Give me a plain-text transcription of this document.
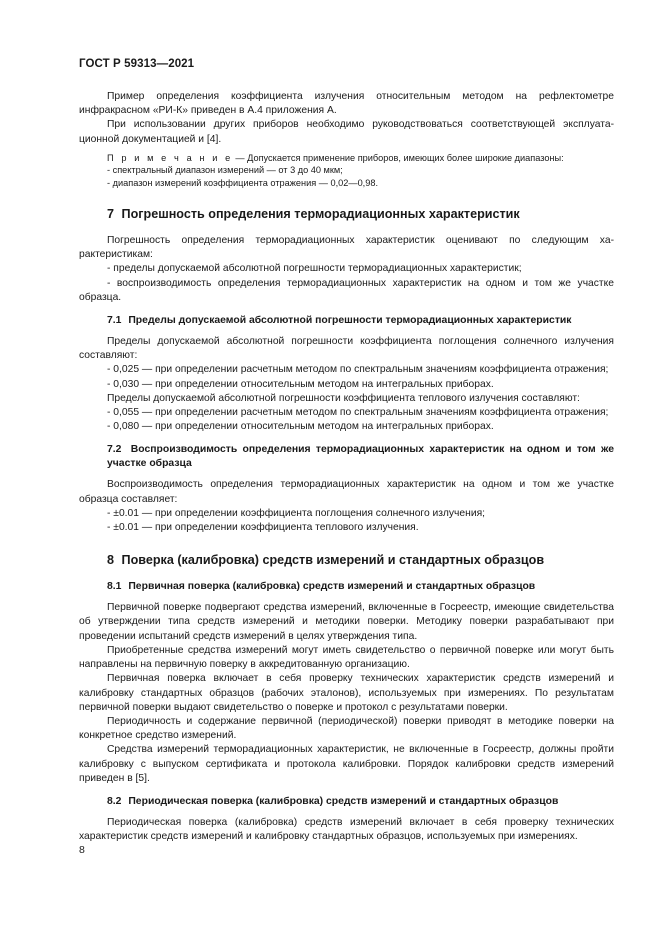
ГОСТ Р 59313—2021

Пример определения коэффициента излучения относительным методом на рефлектометре инфракрасном «РИ-К» приведен в А.4 приложения А.

При использовании других приборов необходимо руководствоваться соответствующей эксплуатационной документацией и [4].

П р и м е ч а н и е — Допускается применение приборов, имеющих более широкие диапазоны:
- спектральный диапазон измерений — от 3 до 40 мкм;
- диапазон измерений коэффициента отражения — 0,02—0,98.
7 Погрешность определения терморадиационных характеристик

Погрешность определения терморадиационных характеристик оценивают по следующим характеристикам:

- пределы допускаемой абсолютной погрешности терморадиационных характеристик;

- воспроизводимость определения терморадиационных характеристик на одном и том же участке образца.

7.1 Пределы допускаемой абсолютной погрешности терморадиационных характеристик

Пределы допускаемой абсолютной погрешности коэффициента поглощения солнечного излучения составляют:

- 0,025 — при определении расчетным методом по спектральным значениям коэффициента отражения;

- 0,030 — при определении относительным методом на интегральных приборах.

Пределы допускаемой абсолютной погрешности коэффициента теплового излучения составляют:

- 0,055 — при определении расчетным методом по спектральным значениям коэффициента отражения;

- 0,080 — при определении относительным методом на интегральных приборах.

7.2 Воспроизводимость определения терморадиационных характеристик на одном и том же участке образца

Воспроизводимость определения терморадиационных характеристик на одном и том же участке образца составляет:

- ±0.01 — при определении коэффициента поглощения солнечного излучения;

- ±0.01 — при определении коэффициента теплового излучения.

8 Поверка (калибровка) средств измерений и стандартных образцов
8.1 Первичная поверка (калибровка) средств измерений и стандартных образцов

Первичной поверке подвергают средства измерений, включенные в Госреестр, имеющие свидетельства об утверждении типа средств измерений и методики поверки. Методику поверки разрабатывают при проведении испытаний средств измерений в целях утверждения типа.

Приобретенные средства измерений могут иметь свидетельство о первичной поверке или могут быть направлены на первичную поверку в аккредитованную организацию.

Первичная поверка включает в себя проверку технических характеристик средств измерений и калибровку стандартных образцов (рабочих эталонов), используемых при измерениях. По результатам первичной поверки выдают свидетельство о поверке и протокол с результатами поверки.

Периодичность и содержание первичной (периодической) поверки приводят в методике поверки на конкретное средство измерений.

Средства измерений терморадиационных характеристик, не включенные в Госреестр, должны пройти калибровку с выпуском сертификата и протокола калибровки. Порядок калибровки средств измерений приведен в [5].

8.2 Периодическая поверка (калибровка) средств измерений и стандартных образцов

Периодическая поверка (калибровка) средств измерений включает в себя проверку технических характеристик средств измерений и калибровку стандартных образцов, используемых при измерениях.

8
